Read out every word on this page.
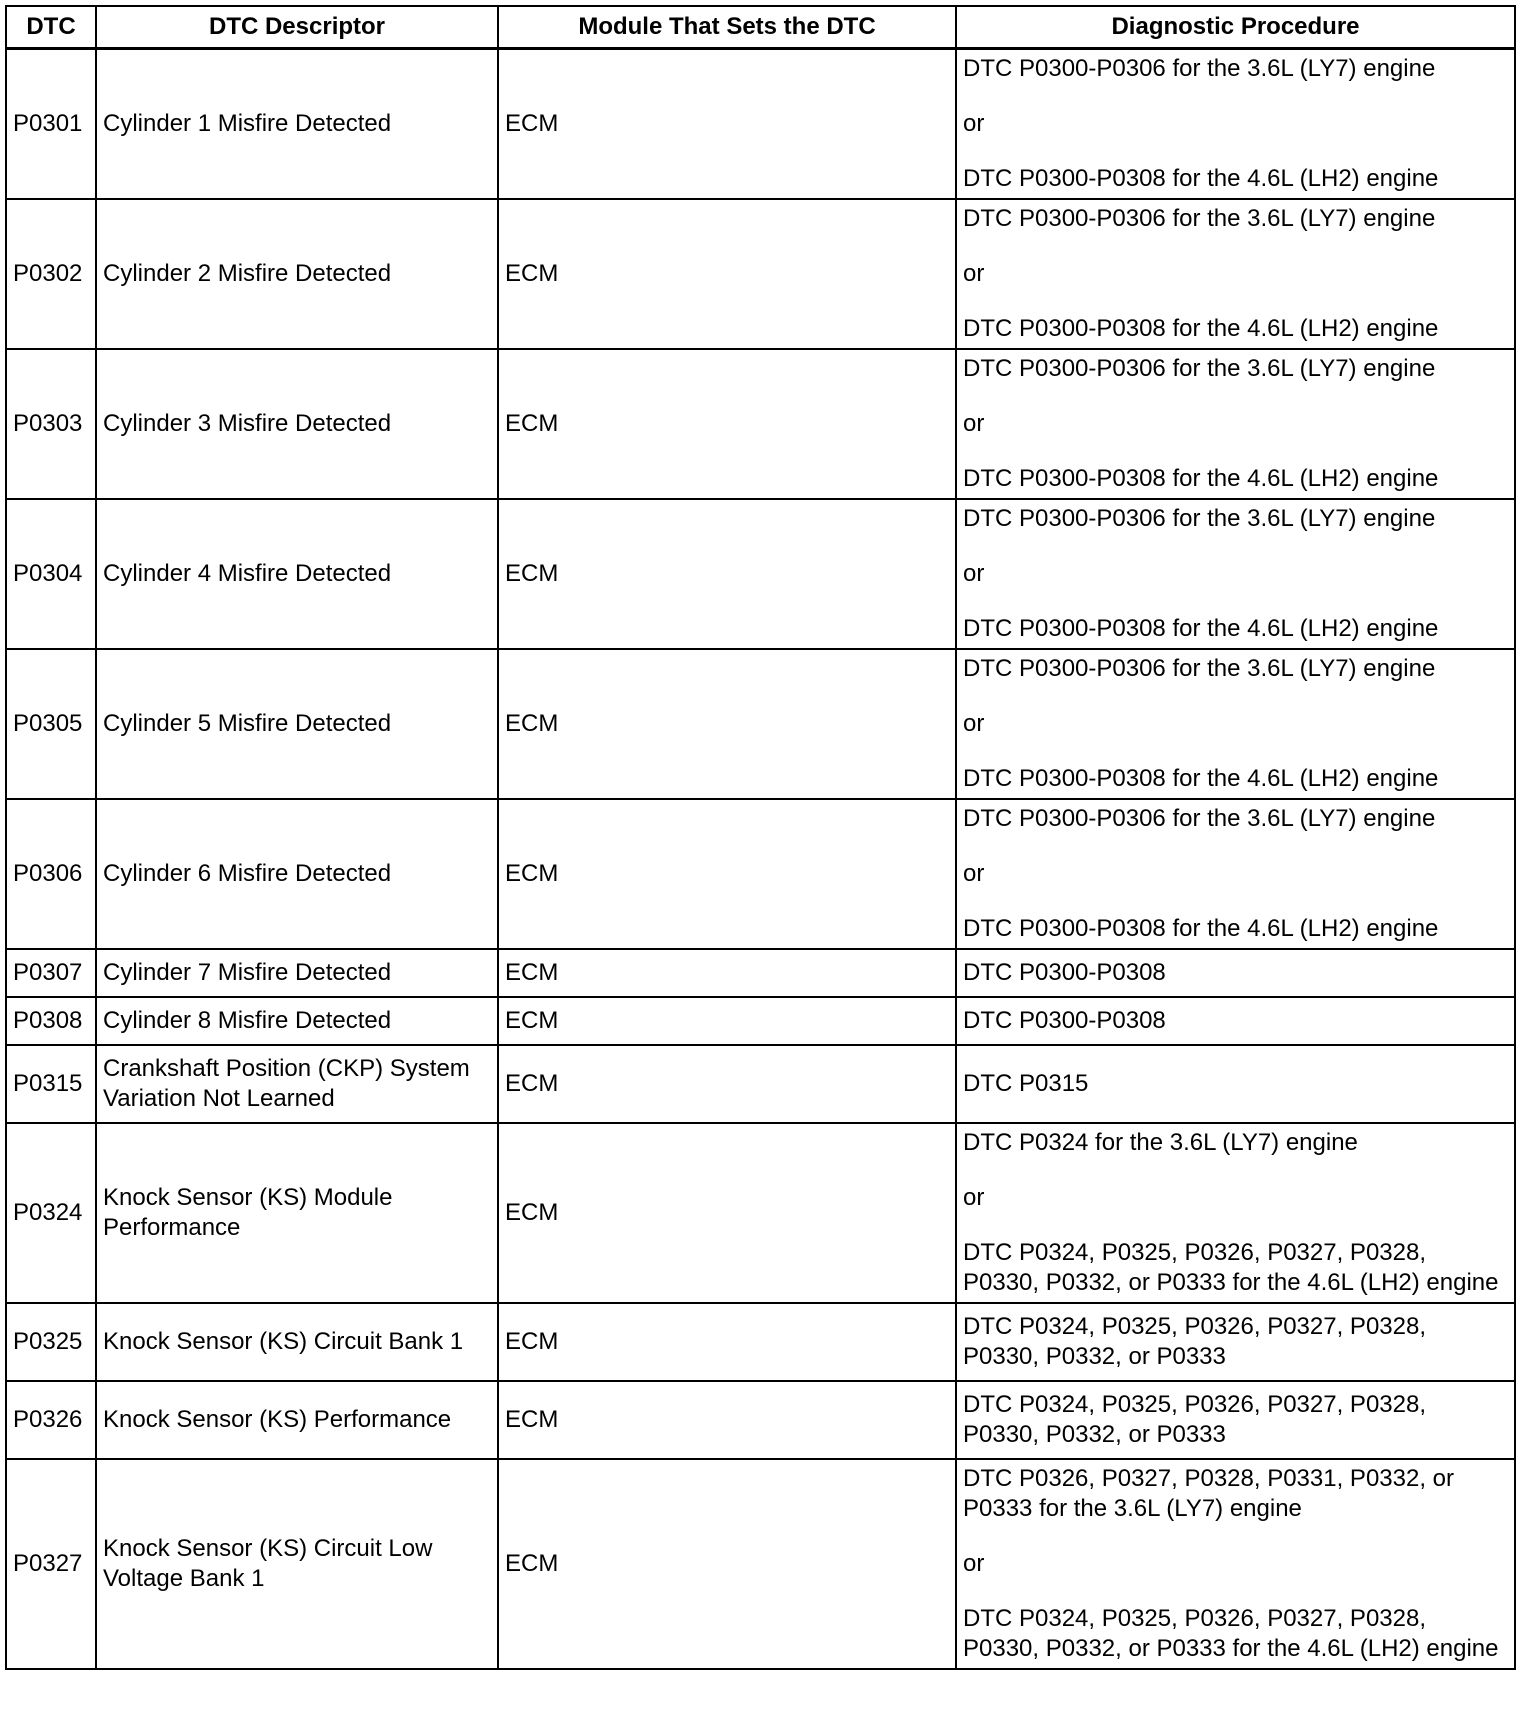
DTC	DTC Descriptor	Module That Sets the DTC	Diagnostic Procedure
P0301	Cylinder 1 Misfire Detected	ECM	DTC P0300-P0306 for the 3.6L (LY7) engine
or
DTC P0300-P0308 for the 4.6L (LH2) engine

P0302	Cylinder 2 Misfire Detected	ECM	DTC P0300-P0306 for the 3.6L (LY7) engine
or
DTC P0300-P0308 for the 4.6L (LH2) engine

P0303	Cylinder 3 Misfire Detected	ECM	DTC P0300-P0306 for the 3.6L (LY7) engine
or
DTC P0300-P0308 for the 4.6L (LH2) engine

P0304	Cylinder 4 Misfire Detected	ECM	DTC P0300-P0306 for the 3.6L (LY7) engine
or
DTC P0300-P0308 for the 4.6L (LH2) engine

P0305	Cylinder 5 Misfire Detected	ECM	DTC P0300-P0306 for the 3.6L (LY7) engine
or
DTC P0300-P0308 for the 4.6L (LH2) engine

P0306	Cylinder 6 Misfire Detected	ECM	DTC P0300-P0306 for the 3.6L (LY7) engine
or
DTC P0300-P0308 for the 4.6L (LH2) engine

P0307	Cylinder 7 Misfire Detected	ECM	DTC P0300-P0308

P0308	Cylinder 8 Misfire Detected	ECM	DTC P0300-P0308

P0315	Crankshaft Position (CKP) System Variation Not Learned	ECM	DTC P0315

P0324	Knock Sensor (KS) Module Performance	ECM	DTC P0324 for the 3.6L (LY7) engine
or
DTC P0324, P0325, P0326, P0327, P0328, P0330, P0332, or P0333 for the 4.6L (LH2) engine

P0325	Knock Sensor (KS) Circuit Bank 1	ECM	DTC P0324, P0325, P0326, P0327, P0328, P0330, P0332, or P0333

P0326	Knock Sensor (KS) Performance	ECM	DTC P0324, P0325, P0326, P0327, P0328, P0330, P0332, or P0333

P0327	Knock Sensor (KS) Circuit Low Voltage Bank 1	ECM	DTC P0326, P0327, P0328, P0331, P0332, or P0333 for the 3.6L (LY7) engine
or
DTC P0324, P0325, P0326, P0327, P0328, P0330, P0332, or P0333 for the 4.6L (LH2) engine
